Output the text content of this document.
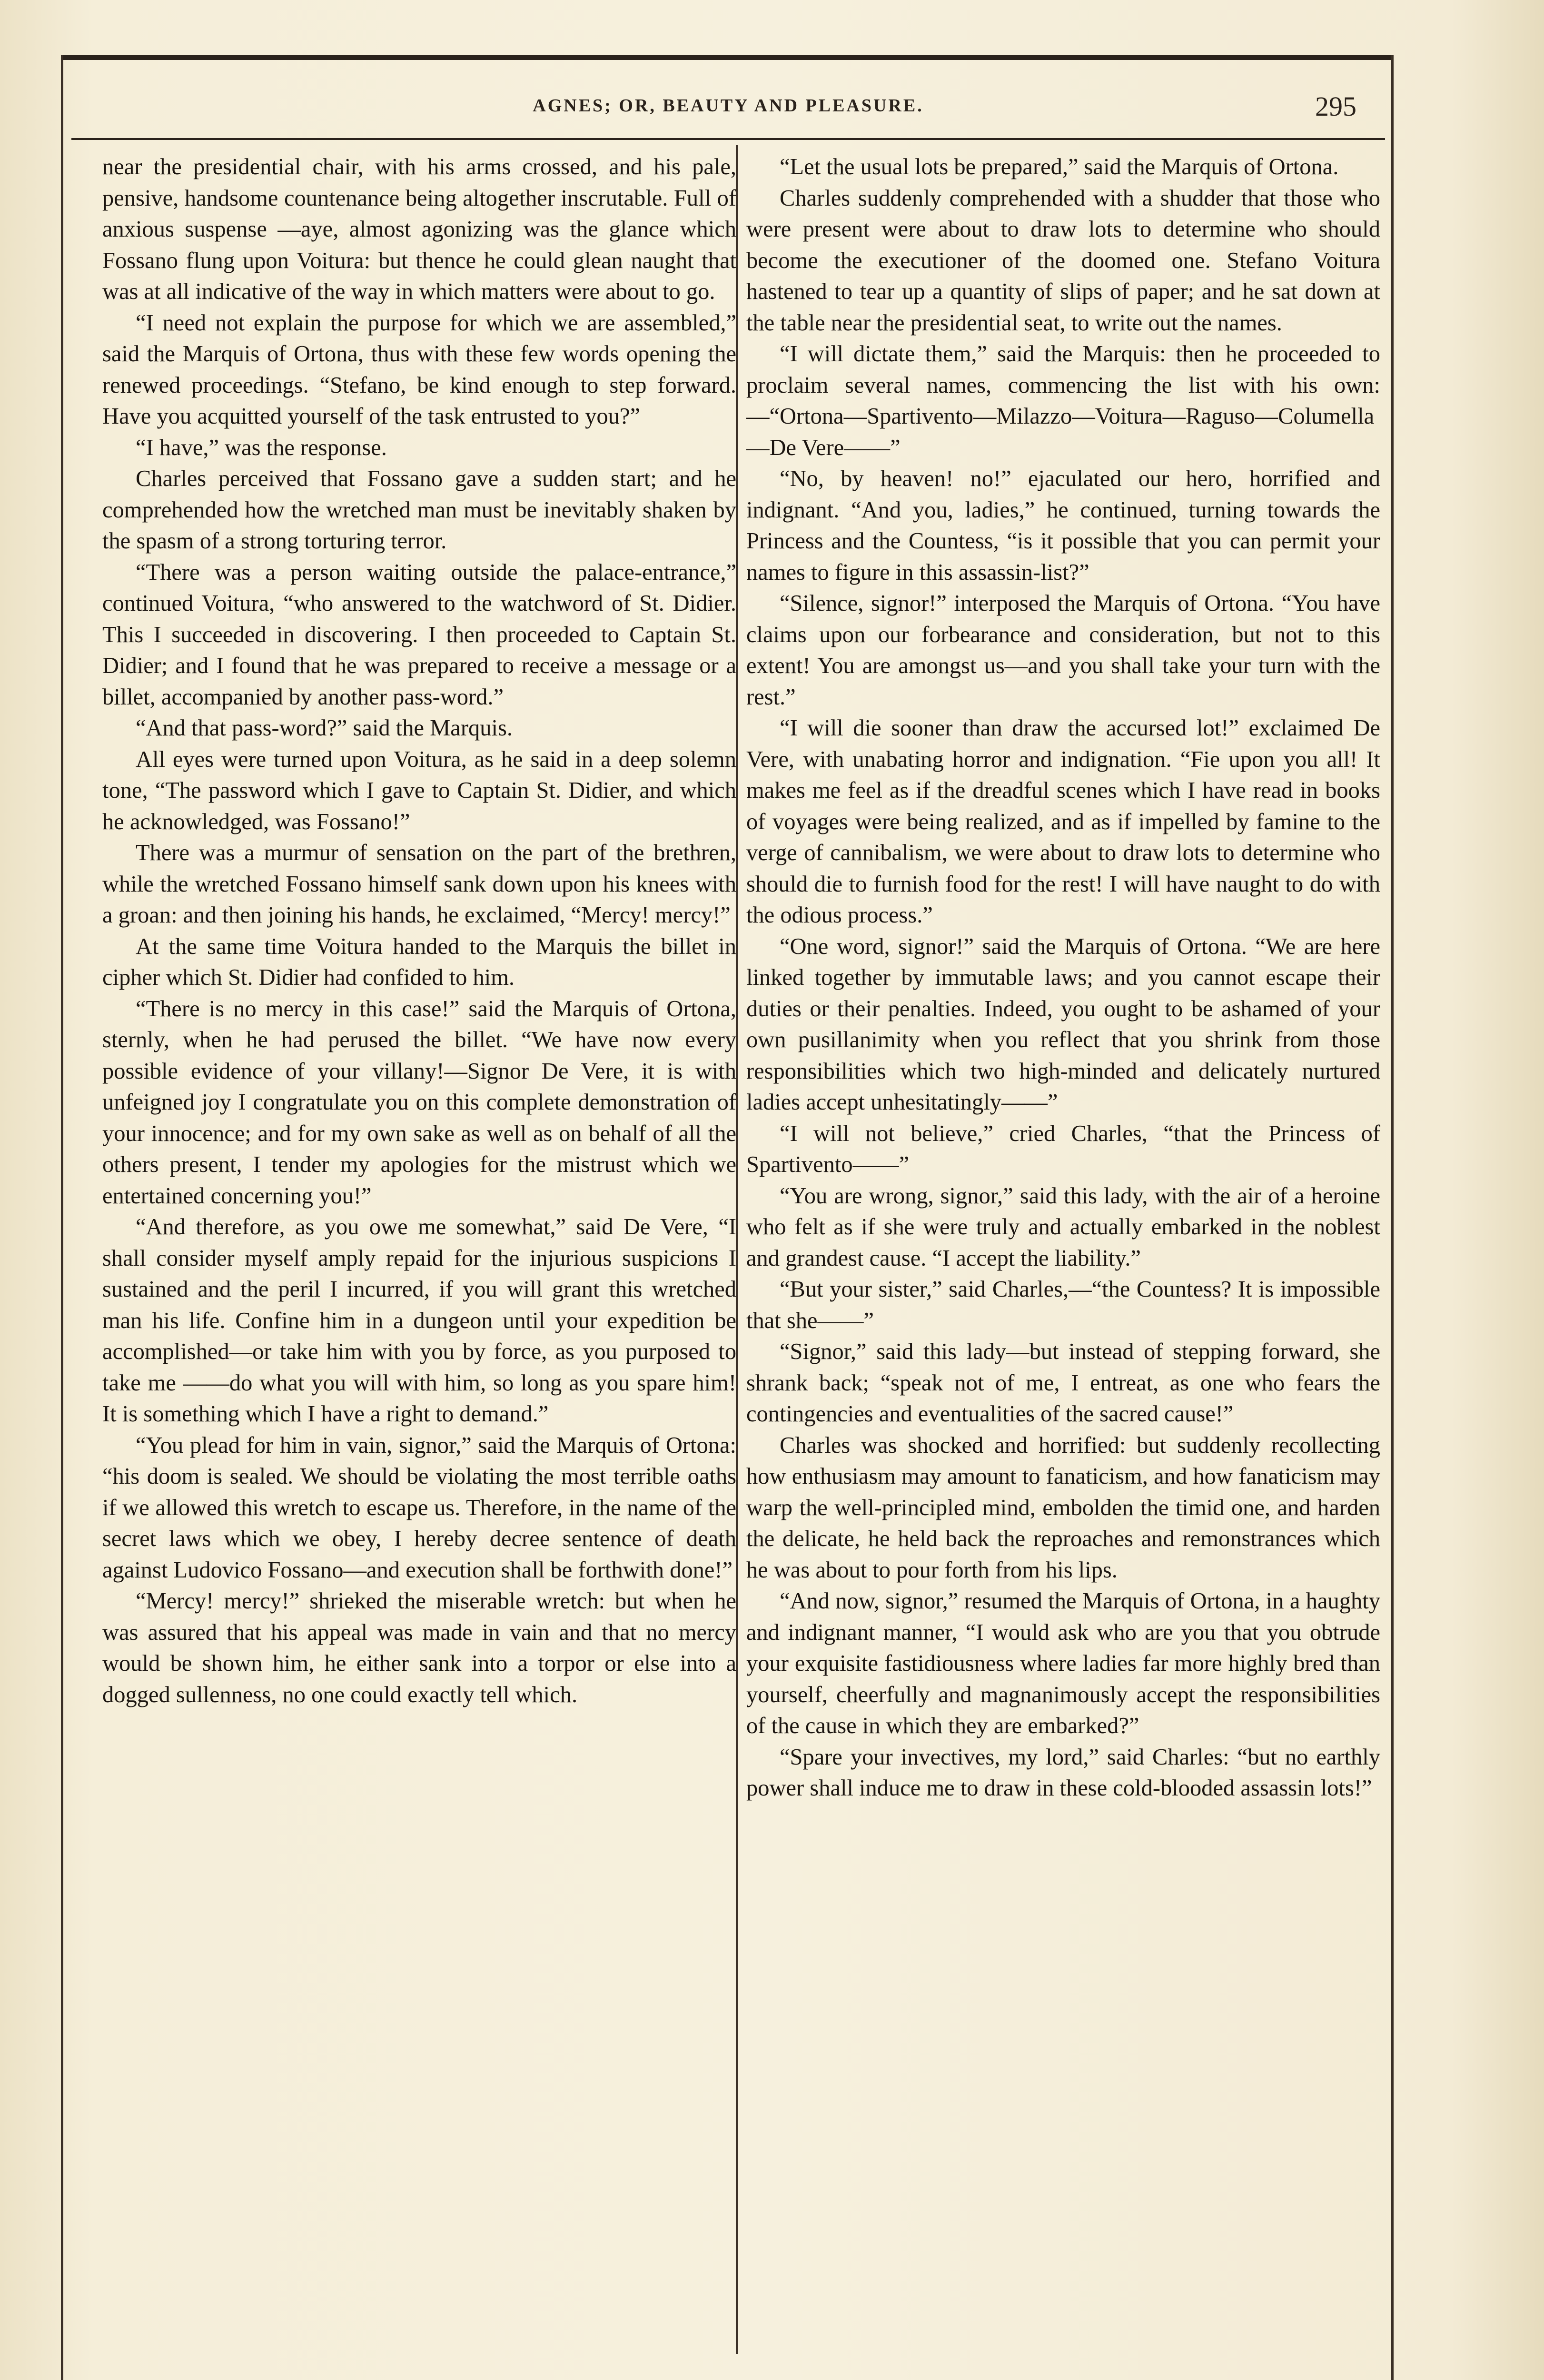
AGNES; OR, BEAUTY AND PLEASURE.	295

near the presidential chair, with his arms crossed, and his pale, pensive, handsome countenance being altogether inscrutable. Full of anxious suspense —aye, almost agonizing was the glance which Fossano flung upon Voitura: but thence he could glean naught that was at all indicative of the way in which matters were about to go.

“I need not explain the purpose for which we are assembled,” said the Marquis of Ortona, thus with these few words opening the renewed proceedings. “Stefano, be kind enough to step forward. Have you acquitted yourself of the task entrusted to you?”

“I have,” was the response.

Charles perceived that Fossano gave a sudden start; and he comprehended how the wretched man must be inevitably shaken by the spasm of a strong torturing terror.

“There was a person waiting outside the palace-entrance,” continued Voitura, “who answered to the watchword of St. Didier. This I succeeded in discovering. I then proceeded to Captain St. Didier; and I found that he was prepared to receive a message or a billet, accompanied by another pass-word.”

“And that pass-word?” said the Marquis.

All eyes were turned upon Voitura, as he said in a deep solemn tone, “The password which I gave to Captain St. Didier, and which he acknowledged, was Fossano!”

There was a murmur of sensation on the part of the brethren, while the wretched Fossano himself sank down upon his knees with a groan: and then joining his hands, he exclaimed, “Mercy! mercy!”

At the same time Voitura handed to the Marquis the billet in cipher which St. Didier had confided to him.

“There is no mercy in this case!” said the Marquis of Ortona, sternly, when he had perused the billet. “We have now every possible evidence of your villany!—Signor De Vere, it is with unfeigned joy I congratulate you on this complete demonstration of your innocence; and for my own sake as well as on behalf of all the others present, I tender my apologies for the mistrust which we entertained concerning you!”

“And therefore, as you owe me somewhat,” said De Vere, “I shall consider myself amply repaid for the injurious suspicions I sustained and the peril I incurred, if you will grant this wretched man his life. Confine him in a dungeon until your expedition be accomplished—or take him with you by force, as you purposed to take me ——do what you will with him, so long as you spare him! It is something which I have a right to demand.”

“You plead for him in vain, signor,” said the Marquis of Ortona: “his doom is sealed. We should be violating the most terrible oaths if we allowed this wretch to escape us. Therefore, in the name of the secret laws which we obey, I hereby decree sentence of death against Ludovico Fossano—and execution shall be forthwith done!”

“Mercy! mercy!” shrieked the miserable wretch: but when he was assured that his appeal was made in vain and that no mercy would be shown him, he either sank into a torpor or else into a dogged sullenness, no one could exactly tell which.

“Let the usual lots be prepared,” said the Marquis of Ortona.

Charles suddenly comprehended with a shudder that those who were present were about to draw lots to determine who should become the executioner of the doomed one. Stefano Voitura hastened to tear up a quantity of slips of paper; and he sat down at the table near the presidential seat, to write out the names.

“I will dictate them,” said the Marquis: then he proceeded to proclaim several names, commencing the list with his own:—“Ortona—Spartivento—Milazzo—Voitura—Raguso—Columella —De Vere——”

“No, by heaven! no!” ejaculated our hero, horrified and indignant. “And you, ladies,” he continued, turning towards the Princess and the Countess, “is it possible that you can permit your names to figure in this assassin-list?”

“Silence, signor!” interposed the Marquis of Ortona. “You have claims upon our forbearance and consideration, but not to this extent! You are amongst us—and you shall take your turn with the rest.”

“I will die sooner than draw the accursed lot!” exclaimed De Vere, with unabating horror and indignation. “Fie upon you all! It makes me feel as if the dreadful scenes which I have read in books of voyages were being realized, and as if impelled by famine to the verge of cannibalism, we were about to draw lots to determine who should die to furnish food for the rest! I will have naught to do with the odious process.”

“One word, signor!” said the Marquis of Ortona. “We are here linked together by immutable laws; and you cannot escape their duties or their penalties. Indeed, you ought to be ashamed of your own pusillanimity when you reflect that you shrink from those responsibilities which two high-minded and delicately nurtured ladies accept unhesitatingly——”

“I will not believe,” cried Charles, “that the Princess of Spartivento——”

“You are wrong, signor,” said this lady, with the air of a heroine who felt as if she were truly and actually embarked in the noblest and grandest cause. “I accept the liability.”

“But your sister,” said Charles,—“the Countess? It is impossible that she——”

“Signor,” said this lady—but instead of stepping forward, she shrank back; “speak not of me, I entreat, as one who fears the contingencies and eventualities of the sacred cause!”

Charles was shocked and horrified: but suddenly recollecting how enthusiasm may amount to fanaticism, and how fanaticism may warp the well-principled mind, embolden the timid one, and harden the delicate, he held back the reproaches and remonstrances which he was about to pour forth from his lips.

“And now, signor,” resumed the Marquis of Ortona, in a haughty and indignant manner, “I would ask who are you that you obtrude your exquisite fastidiousness where ladies far more highly bred than yourself, cheerfully and magnanimously accept the responsibilities of the cause in which they are embarked?”

“Spare your invectives, my lord,” said Charles: “but no earthly power shall induce me to draw in these cold-blooded assassin lots!”
